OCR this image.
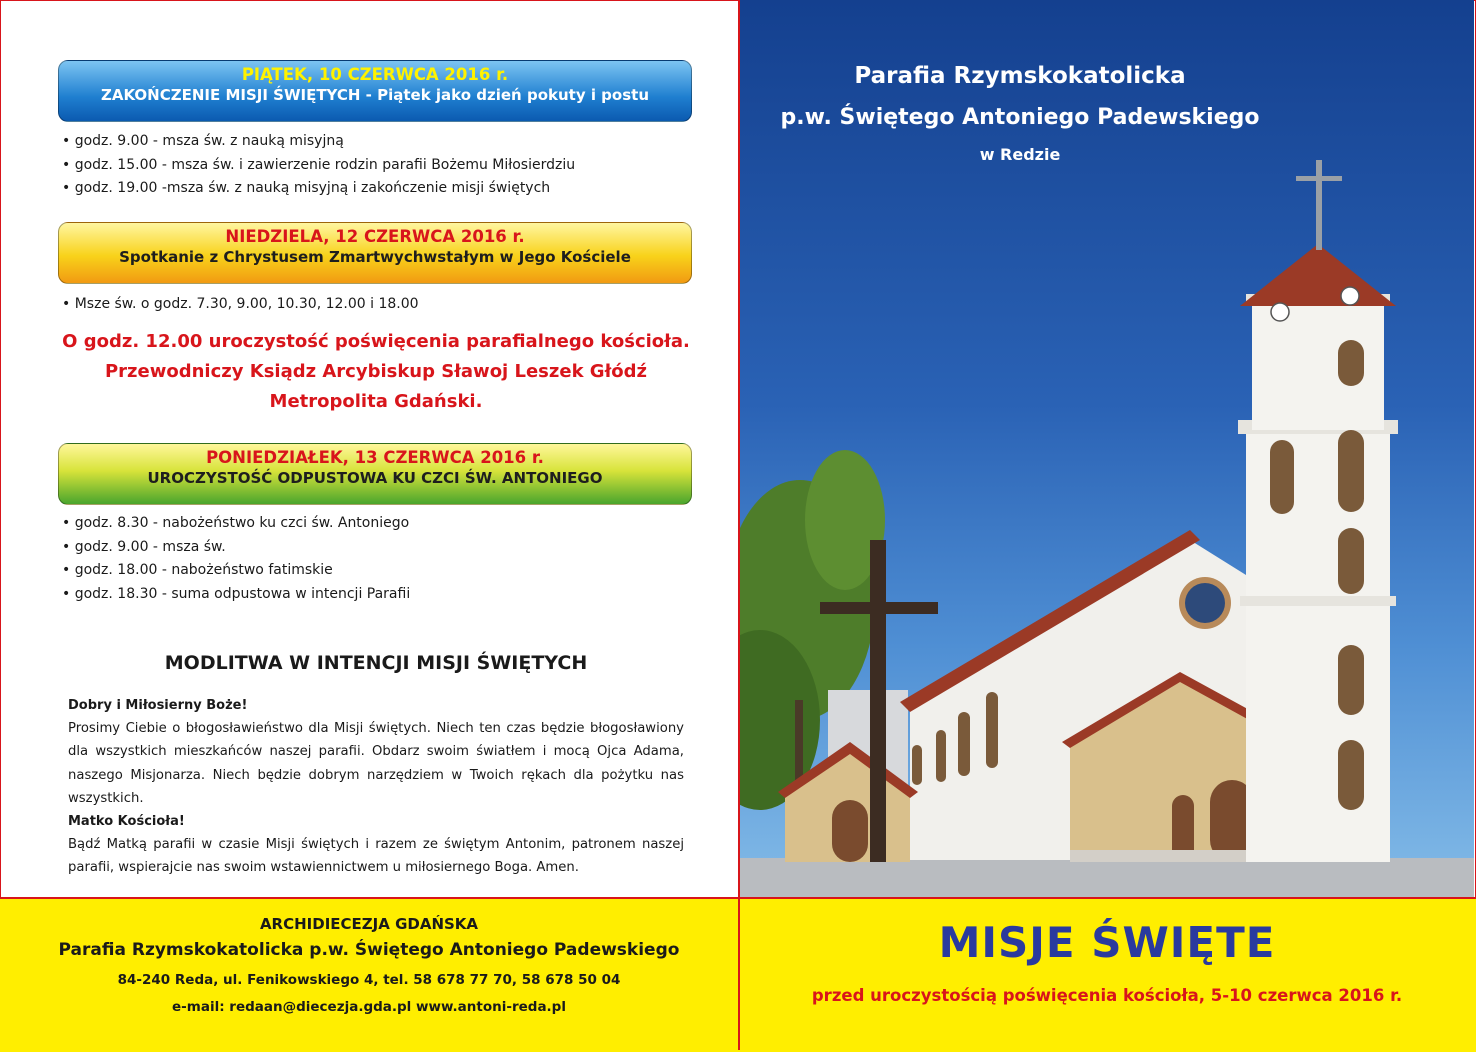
PIĄTEK, 10 CZERWCA 2016 r.
ZAKOŃCZENIE MISJI ŚWIĘTYCH - Piątek jako dzień pokuty i postu
• godz. 9.00 - msza św. z nauką misyjną
• godz. 15.00 - msza św. i zawierzenie rodzin parafii Bożemu Miłosierdziu
• godz. 19.00 -msza św. z nauką misyjną i zakończenie misji świętych
NIEDZIELA, 12 CZERWCA 2016 r.
Spotkanie z Chrystusem Zmartwychwstałym w Jego Kościele
• Msze św. o godz. 7.30, 9.00, 10.30, 12.00 i 18.00
O godz. 12.00 uroczystość poświęcenia parafialnego kościoła.
Przewodniczy Ksiądz Arcybiskup Sławoj Leszek Głódź
Metropolita Gdański.
PONIEDZIAŁEK, 13 CZERWCA 2016 r.
UROCZYSTOŚĆ ODPUSTOWA KU CZCI ŚW. ANTONIEGO
• godz. 8.30 - nabożeństwo ku czci św. Antoniego
• godz. 9.00 - msza św.
• godz. 18.00 - nabożeństwo fatimskie
• godz. 18.30 - suma odpustowa w intencji Parafii
MODLITWA W INTENCJI MISJI ŚWIĘTYCH
Dobry i Miłosierny Boże!
Prosimy Ciebie o błogosławieństwo dla Misji świętych. Niech ten czas będzie błogosławiony dla wszystkich mieszkańców naszej parafii. Obdarz swoim światłem i mocą Ojca Adama, naszego Misjonarza. Niech będzie dobrym narzędziem w Twoich rękach dla pożytku nas wszystkich.
Matko Kościoła!
Bądź Matką parafii w czasie Misji świętych i razem ze świętym Antonim, patronem naszej parafii, wspierajcie nas swoim wstawiennictwem u miłosiernego Boga. Amen.
Parafia Rzymskokatolicka
p.w. Świętego Antoniego Padewskiego
w Redzie
ARCHIDIECEZJA GDAŃSKA
Parafia Rzymskokatolicka p.w. Świętego Antoniego Padewskiego
84-240 Reda, ul. Fenikowskiego 4, tel. 58 678 77 70, 58 678 50 04
e-mail: redaan@diecezja.gda.pl www.antoni-reda.pl
MISJE ŚWIĘTE
przed uroczystością poświęcenia kościoła, 5-10 czerwca 2016 r.
